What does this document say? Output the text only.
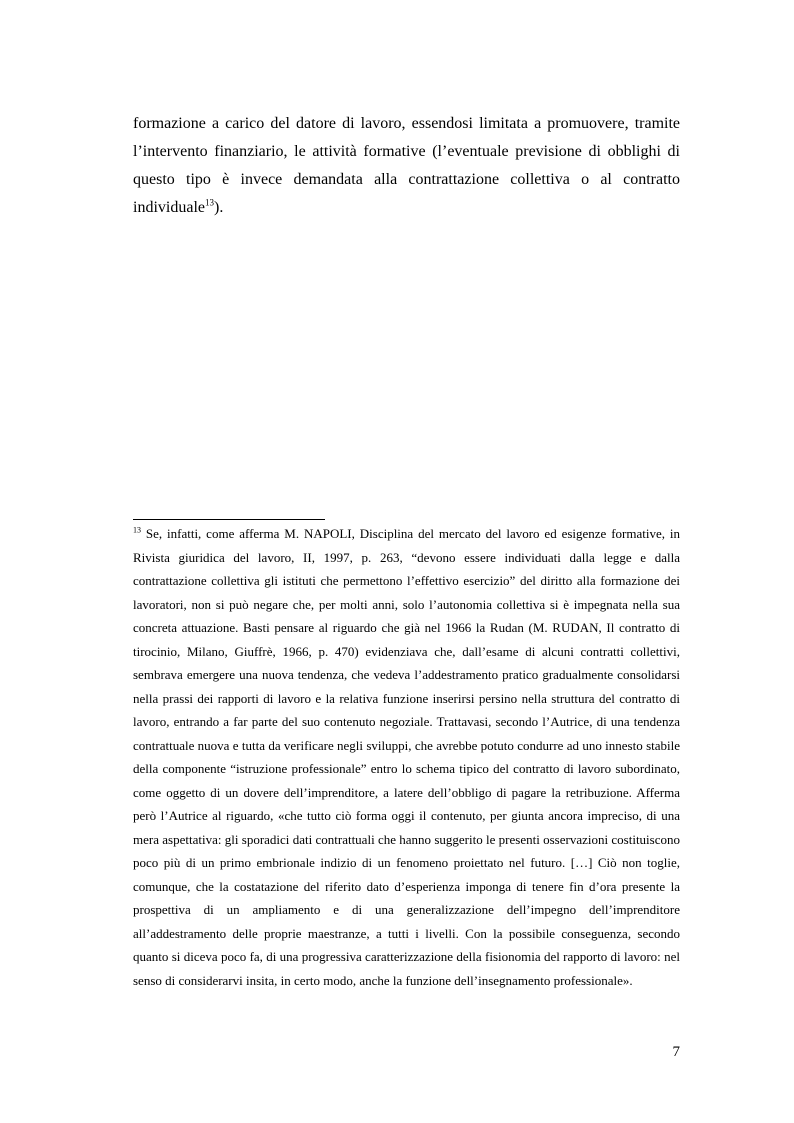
formazione a carico del datore di lavoro, essendosi limitata a promuovere, tramite l’intervento finanziario, le attività formative (l’eventuale previsione di obblighi di questo tipo è invece demandata alla contrattazione collettiva o al contratto individuale$^{13}$).

$^{13}$ Se, infatti, come afferma M. NAPOLI, Disciplina del mercato del lavoro ed esigenze formative, in Rivista giuridica del lavoro, II, 1997, p. 263, “devono essere individuati dalla legge e dalla contrattazione collettiva gli istituti che permettono l’effettivo esercizio” del diritto alla formazione dei lavoratori, non si può negare che, per molti anni, solo l’autonomia collettiva si è impegnata nella sua concreta attuazione. Basti pensare al riguardo che già nel 1966 la Rudan (M. RUDAN, Il contratto di tirocinio, Milano, Giuffrè, 1966, p. 470) evidenziava che, dall’esame di alcuni contratti collettivi, sembrava emergere una nuova tendenza, che vedeva l’addestramento pratico gradualmente consolidarsi nella prassi dei rapporti di lavoro e la relativa funzione inserirsi persino nella struttura del contratto di lavoro, entrando a far parte del suo contenuto negoziale. Trattavasi, secondo l’Autrice, di una tendenza contrattuale nuova e tutta da verificare negli sviluppi, che avrebbe potuto condurre ad uno innesto stabile della componente “istruzione professionale” entro lo schema tipico del contratto di lavoro subordinato, come oggetto di un dovere dell’imprenditore, a latere dell’obbligo di pagare la retribuzione. Afferma però l’Autrice al riguardo, «che tutto ciò forma oggi il contenuto, per giunta ancora impreciso, di una mera aspettativa: gli sporadici dati contrattuali che hanno suggerito le presenti osservazioni costituiscono poco più di un primo embrionale indizio di un fenomeno proiettato nel futuro. […] Ciò non toglie, comunque, che la costatazione del riferito dato d’esperienza imponga di tenere fin d’ora presente la prospettiva di un ampliamento e di una generalizzazione dell’impegno dell’imprenditore all’addestramento delle proprie maestranze, a tutti i livelli. Con la possibile conseguenza, secondo quanto si diceva poco fa, di una progressiva caratterizzazione della fisionomia del rapporto di lavoro: nel senso di considerarvi insita, in certo modo, anche la funzione dell’insegnamento professionale».

7
